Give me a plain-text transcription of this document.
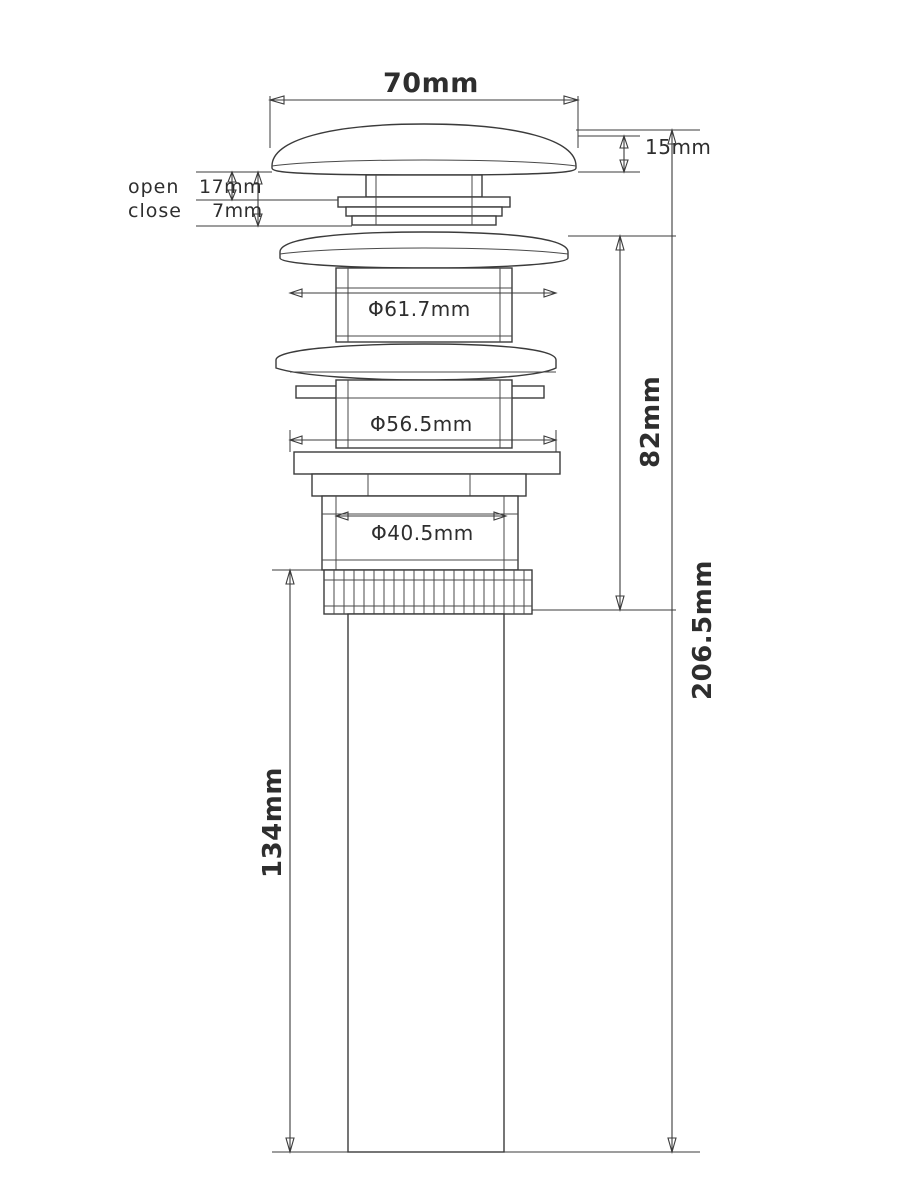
70mm
15mm
open 17mm
close 7mm
Φ61.7mm
Φ56.5mm
Φ40.5mm
82mm
206.5mm
134mm
